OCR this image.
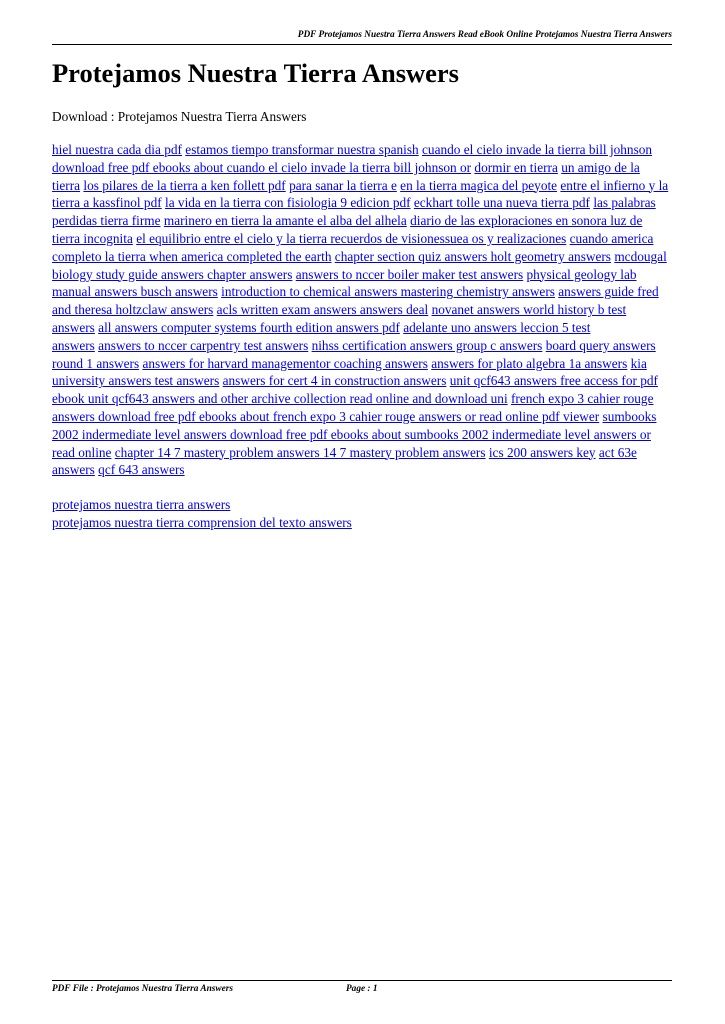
PDF Protejamos Nuestra Tierra Answers Read eBook Online Protejamos Nuestra Tierra Answers
Protejamos Nuestra Tierra Answers
Download : Protejamos Nuestra Tierra Answers
hiel nuestra cada dia pdf estamos tiempo transformar nuestra spanish cuando el cielo invade la tierra bill johnson
download free pdf ebooks about cuando el cielo invade la tierra bill johnson or dormir en tierra un amigo de la
tierra los pilares de la tierra a ken follett pdf para sanar la tierra e en la tierra magica del peyote entre el infierno y la
tierra a kassfinol pdf la vida en la tierra con fisiologia 9 edicion pdf eckhart tolle una nueva tierra pdf las palabras
perdidas tierra firme marinero en tierra la amante el alba del alhela diario de las exploraciones en sonora luz de
tierra incognita el equilibrio entre el cielo y la tierra recuerdos de visionessuea os y realizaciones cuando america
completo la tierra when america completed the earth chapter section quiz answers holt geometry answers mcdougal
biology study guide answers chapter answers answers to nccer boiler maker test answers physical geology lab
manual answers busch answers introduction to chemical answers mastering chemistry answers answers guide fred
and theresa holtzclaw answers acls written exam answers answers deal novanet answers world history b test
answers all answers computer systems fourth edition answers pdf adelante uno answers leccion 5 test
answers answers to nccer carpentry test answers nihss certification answers group c answers board query answers
round 1 answers answers for harvard managementor coaching answers answers for plato algebra 1a answers kia
university answers test answers answers for cert 4 in construction answers unit qcf643 answers free access for pdf
ebook unit qcf643 answers and other archive collection read online and download uni french expo 3 cahier rouge
answers download free pdf ebooks about french expo 3 cahier rouge answers or read online pdf viewer sumbooks
2002 indermediate level answers download free pdf ebooks about sumbooks 2002 indermediate level answers or
read online chapter 14 7 mastery problem answers 14 7 mastery problem answers ics 200 answers key act 63e
answers qcf 643 answers
protejamos nuestra tierra answers
protejamos nuestra tierra comprension del texto answers
PDF File : Protejamos Nuestra Tierra Answers	Page : 1
